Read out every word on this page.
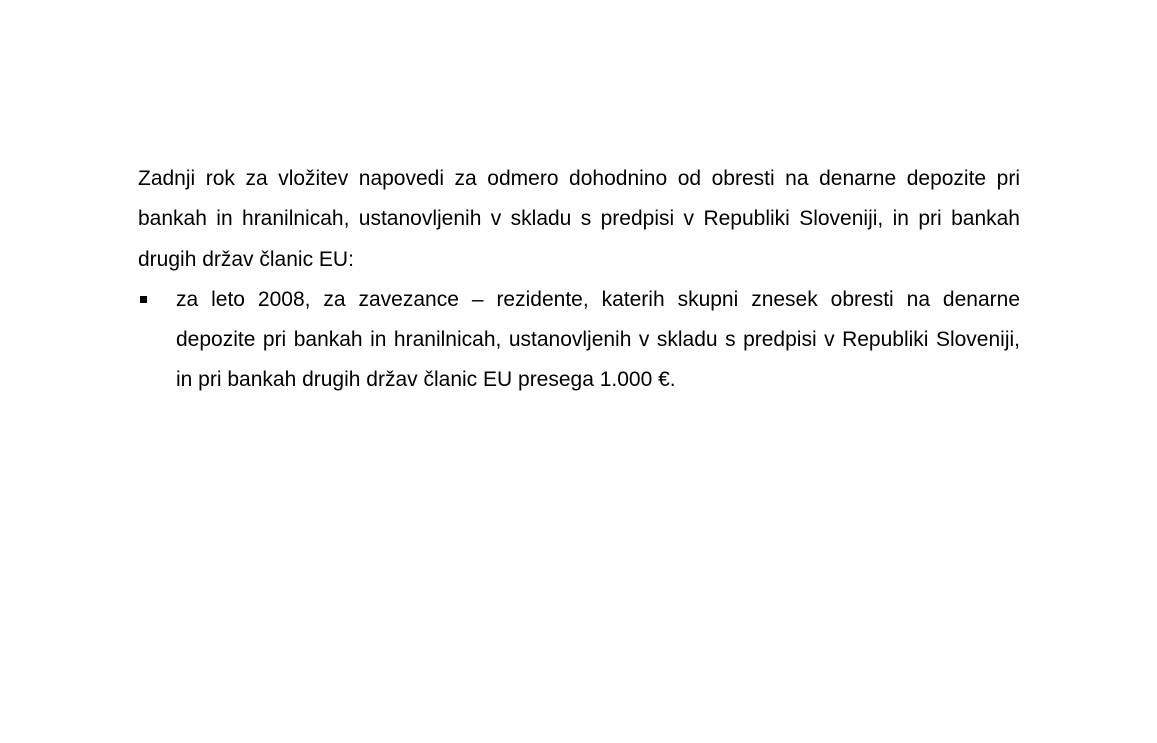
Zadnji rok za vložitev napovedi za odmero dohodnino od obresti na denarne depozite pri bankah in hranilnicah, ustanovljenih v skladu s predpisi v Republiki Sloveniji, in pri bankah drugih držav članic EU:

za leto 2008, za zavezance – rezidente, katerih skupni znesek obresti na denarne depozite pri bankah in hranilnicah, ustanovljenih v skladu s predpisi v Republiki Sloveniji, in pri bankah drugih držav članic EU presega 1.000 €.
